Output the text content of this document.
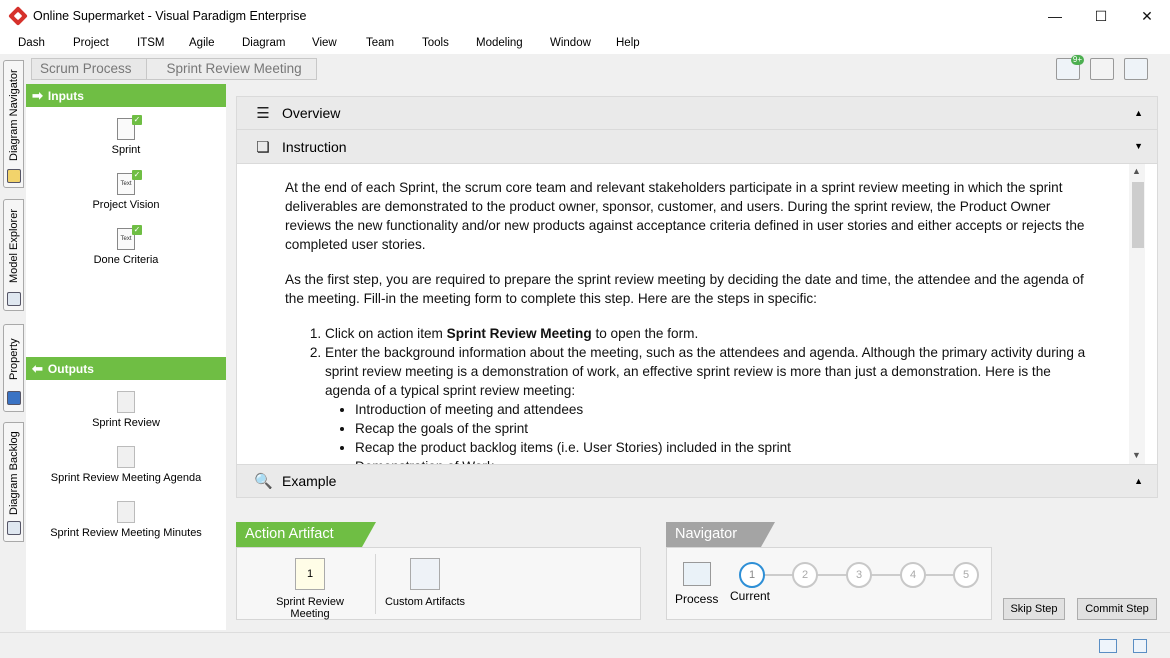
Online Supermarket - Visual Paradigm Enterprise	—	☐	✕
Dash	Project	ITSM	Agile	Diagram	View	Team	Tools	Modeling	Window	Help
Diagram Navigator
Model Explorer
Property
Diagram Backlog
Scrum Process	Sprint Review Meeting
9+
➡ Inputs
✓
Sprint
Text
✓
Project Vision
Text
✓
Done Criteria
⬅ Outputs
Sprint Review
Sprint Review Meeting Agenda
Sprint Review Meeting Minutes
☰ Overview	▲
❏ Instruction	▼

At the end of each Sprint, the scrum core team and relevant stakeholders participate in a sprint review meeting in which the sprint deliverables are demonstrated to the product owner, sponsor, customer, and users. During the sprint review, the Product Owner reviews the new functionality and/or new products against acceptance criteria defined in user stories and either accepts or rejects the completed user stories.

As the first step, you are required to prepare the sprint review meeting by deciding the date and time, the attendee and the agenda of the meeting. Fill-in the meeting form to complete this step. Here are the steps in specific:

1. Click on action item Sprint Review Meeting to open the form.
2. Enter the background information about the meeting, such as the attendees and agenda. Although the primary activity during a sprint review meeting is a demonstration of work, an effective sprint review is more than just a demonstration. Here is the agenda of a typical sprint review meeting:
• Introduction of meeting and attendees
• Recap the goals of the sprint
• Recap the product backlog items (i.e. User Stories) included in the sprint
•
▲
▼
🔍 Example	▲
Action Artifact
1
Sprint Review Meeting
Custom Artifacts
Navigator
Process
1	2	3	4	5
Current
Skip Step	Commit Step
